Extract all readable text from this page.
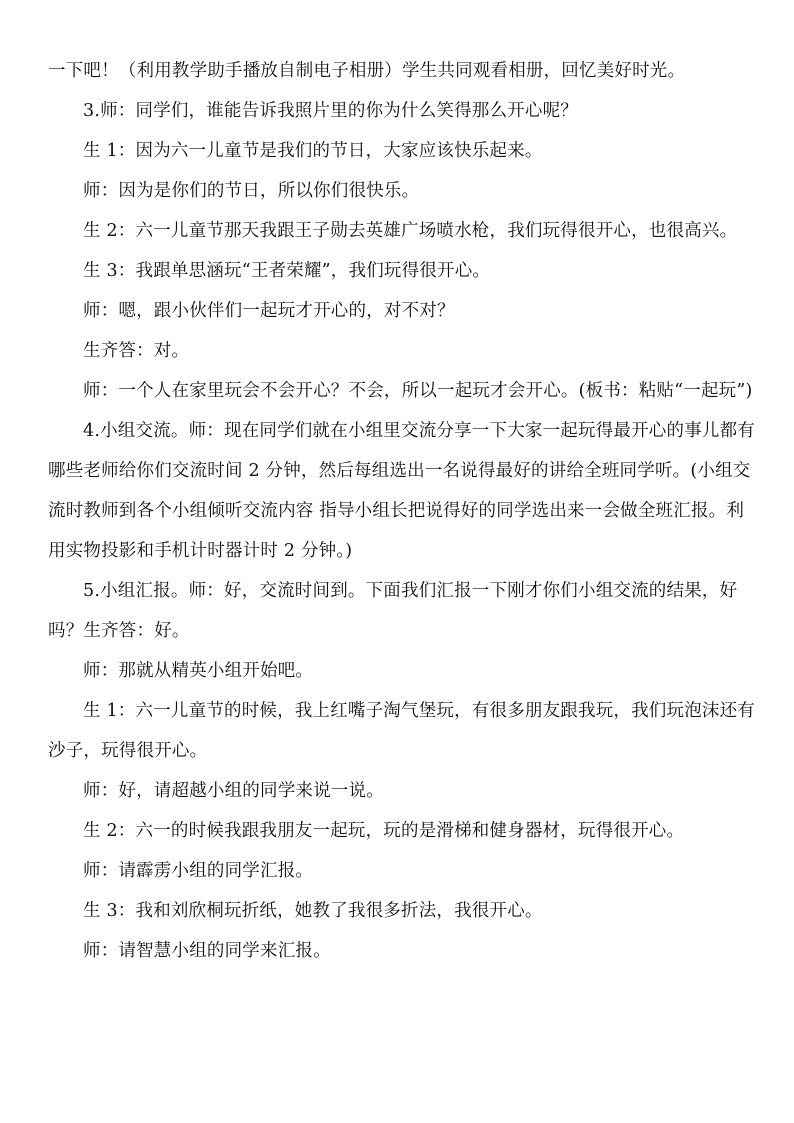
一下吧！（利用教学助手播放自制电子相册）学生共同观看相册，回忆美好时光。

3.师：同学们，谁能告诉我照片里的你为什么笑得那么开心呢？

生 1：因为六一儿童节是我们的节日，大家应该快乐起来。

师：因为是你们的节日，所以你们很快乐。

生 2：六一儿童节那天我跟王子勋去英雄广场喷水枪，我们玩得很开心，也很高兴。

生 3：我跟单思涵玩“王者荣耀”，我们玩得很开心。

师：嗯，跟小伙伴们一起玩才开心的，对不对？

生齐答：对。

师：一个人在家里玩会不会开心？不会，所以一起玩才会开心。(板书：粘贴“一起玩”)

4.小组交流。师：现在同学们就在小组里交流分享一下大家一起玩得最开心的事儿都有哪些老师给你们交流时间 2 分钟，然后每组选出一名说得最好的讲给全班同学听。(小组交流时教师到各个小组倾听交流内容 指导小组长把说得好的同学选出来一会做全班汇报。利用实物投影和手机计时器计时 2 分钟。)

5.小组汇报。师：好，交流时间到。下面我们汇报一下刚才你们小组交流的结果，好吗？生齐答：好。

师：那就从精英小组开始吧。

生 1：六一儿童节的时候，我上红嘴子淘气堡玩，有很多朋友跟我玩，我们玩泡沫还有沙子，玩得很开心。

师：好，请超越小组的同学来说一说。

生 2：六一的时候我跟我朋友一起玩，玩的是滑梯和健身器材，玩得很开心。

师：请霹雳小组的同学汇报。

生 3：我和刘欣桐玩折纸，她教了我很多折法，我很开心。

师：请智慧小组的同学来汇报。
